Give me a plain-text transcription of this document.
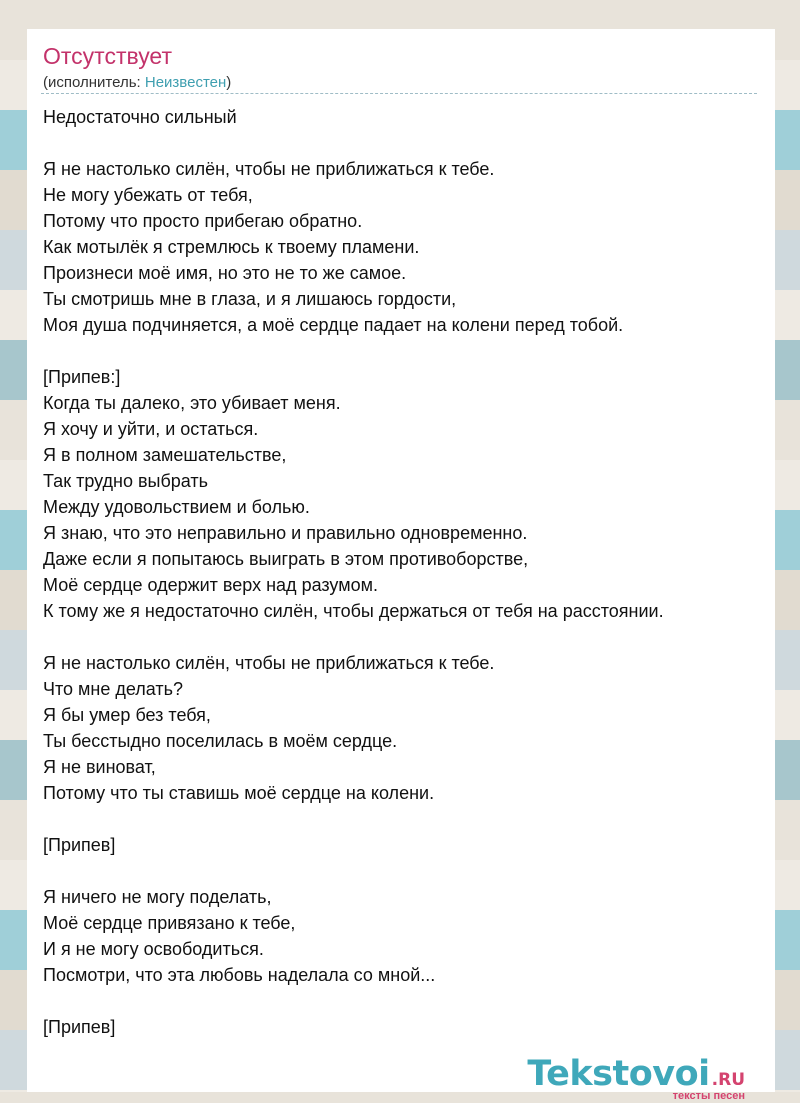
Отсутствует
(исполнитель: Неизвестен)
Недостаточно сильный
Я не настолько силён, чтобы не приближаться к тебе.
Не могу убежать от тебя,
Потому что просто прибегаю обратно.
Как мотылёк я стремлюсь к твоему пламени.
Произнеси моё имя, но это не то же самое.
Ты смотришь мне в глаза, и я лишаюсь гордости,
Моя душа подчиняется, а моё сердце падает на колени перед тобой.
[Припев:]
Когда ты далеко, это убивает меня.
Я хочу и уйти, и остаться.
Я в полном замешательстве,
Так трудно выбрать
Между удовольствием и болью.
Я знаю, что это неправильно и правильно одновременно.
Даже если я попытаюсь выиграть в этом противоборстве,
Моё сердце одержит верх над разумом.
К тому же я недостаточно силён, чтобы держаться от тебя на расстоянии.
Я не настолько силён, чтобы не приближаться к тебе.
Что мне делать?
Я бы умер без тебя,
Ты бесстыдно поселилась в моём сердце.
Я не виноват,
Потому что ты ставишь моё сердце на колени.
[Припев]
Я ничего не могу поделать,
Моё сердце привязано к тебе,
И я не могу освободиться.
Посмотри, что эта любовь наделала со мной...
[Припев]
Tekstovoi .RU
тексты песен
